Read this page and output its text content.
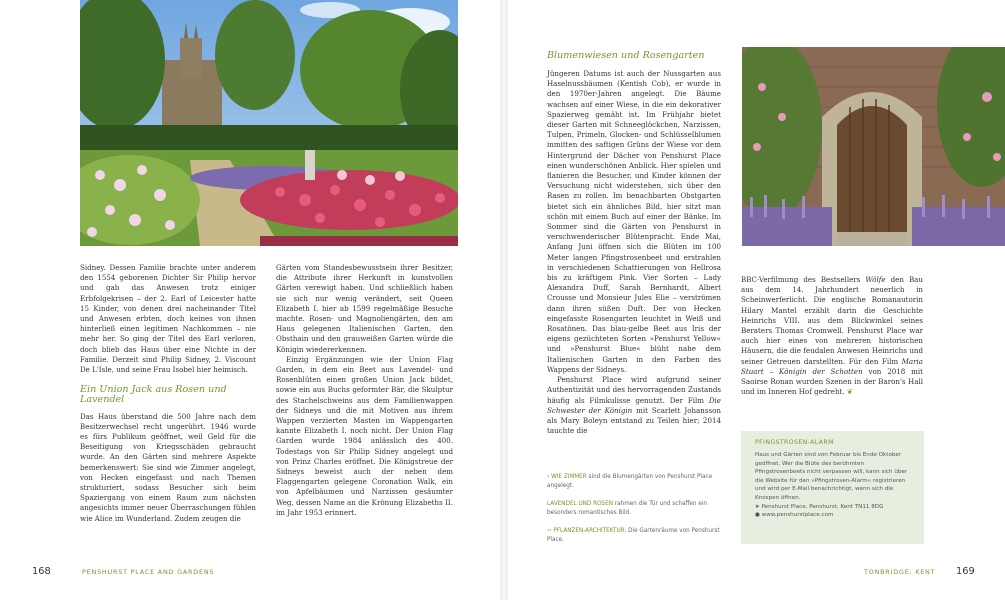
Sidney. Dessen Familie brachte unter anderem den 1554 geborenen Dichter Sir Philip hervor und gab das Anwesen trotz einiger Erbfolgekrisen – der 2. Earl of Leicester hatte 15 Kinder, von denen drei nacheinander Titel und Anwesen erbten, doch keines von ihnen hinterließ einen legitimen Nachkommen – nie mehr her. So ging der Titel des Earl verloren, doch blieb das Haus über eine Nichte in der Familie. Derzeit sind Philip Sidney, 2. Viscount De L'Isle, und seine Frau Isobel hier heimisch.

Ein Union Jack aus Rosen und Lavendel

Das Haus überstand die 500 Jahre nach dem Besitzerwechsel recht ungerührt. 1946 wurde es fürs Publikum geöffnet, weil Geld für die Beseitigung von Kriegsschäden gebraucht wurde. An den Gärten sind mehrere Aspekte bemerkenswert: Sie sind wie Zimmer angelegt, von Hecken eingefasst und nach Themen strukturiert, sodass Besucher sich beim Spaziergang von einem Raum zum nächsten angesichts immer neuer Überraschungen fühlen wie Alice im Wunderland. Zudem zeugen die

Gärten vom Standesbewusstsein ihrer Besitzer, die Attribute ihrer Herkunft in kunstvollen Gärten verewigt haben. Und schließlich haben sie sich nur wenig verändert, seit Queen Elizabeth I. hier ab 1599 regelmäßige Besuche machte. Rosen- und Magnoliengärten, den am Haus gelegenen Italienischen Garten, den Obsthain und den grauweißen Garten würde die Königin wiedererkennen.

Einzig Ergänzungen wie der Union Flag Garden, in dem ein Beet aus Lavendel- und Rosenblüten einen großen Union Jack bildet, sowie ein aus Buchs geformter Bär, die Skulptur des Stachelschweins aus dem Familienwappen der Sidneys und die mit Motiven aus ihrem Wappen verzierten Masten im Wappengarten kannte Elizabeth I. noch nicht. Der Union Flag Garden wurde 1984 anlässlich des 400. Todestags von Sir Philip Sidney angelegt und von Prinz Charles eröffnet. Die Königstreue der Sidneys beweist auch der neben dem Flaggengarten gelegene Coronation Walk, ein von Apfelbäumen und Narzissen gesäumter Weg, dessen Name an die Krönung Elizabeths II. im Jahr 1953 erinnert.

Blumenwiesen und Rosengarten

Jüngeren Datums ist auch der Nussgarten aus Haselnussbäumen (Kentish Cob), er wurde in den 1970er-Jahren angelegt. Die Bäume wachsen auf einer Wiese, in die ein dekorativer Spazierweg gemäht ist. Im Frühjahr bietet dieser Garten mit Schneeglöckchen, Narzissen, Tulpen, Primeln, Glocken- und Schlüsselblumen inmitten des saftigen Grüns der Wiese vor dem Hintergrund der Dächer von Penshurst Place einen wunderschönen Anblick. Hier spielen und flanieren die Besucher, und Kinder können der Versuchung nicht widerstehen, sich über den Rasen zu rollen. Im benachbarten Obstgarten bietet sich ein ähnliches Bild, hier sitzt man schön mit einem Buch auf einer der Bänke. Im Sommer sind die Gärten von Penshurst in verschwenderischer Blütenpracht. Ende Mai, Anfang Juni öffnen sich die Blüten im 100 Meter langen Pfingstrosenbeet und erstrahlen in verschiedenen Schattierungen von Hellrosa bis zu kräftigem Pink. Vier Sorten – Lady Alexandra Duff, Sarah Bernhardt, Albert Crousse und Monsieur Jules Elie – verströmen dann ihren süßen Duft. Der von Hecken eingefasste Rosengarten leuchtet in Weiß und Rosatönen. Das blau-gelbe Beet aus Iris der eigens gezüchteten Sorten »Penshurst Yellow« und »Penshurst Blue« blüht nahe dem Italienischen Garten in den Farben des Wappens der Sidneys.

Penshurst Place wird aufgrund seiner Authentizität und des hervorragenden Zustands häufig als Filmkulisse genutzt. Der Film Die Schwester der Königin mit Scarlett Johansson als Mary Boleyn entstand zu Teilen hier; 2014 tauchte die

‹ WIE ZIMMER sind die Blumengärten von Penshurst Place angelegt.
LAVENDEL UND ROSEN rahmen die Tür und schaffen ein besonders romantisches Bild.
›› PFLANZEN-ARCHITEKTUR: Die Gartenräume von Penshurst Place.

BBC-Verfilmung des Bestsellers Wölfe den Bau aus dem 14. Jahrhundert neuerlich in Scheinwerferlicht. Die englische Romanautorin Hilary Mantel erzählt darin die Geschichte Heinrichs VIII. aus dem Blickwinkel seines Beraters Thomas Cromwell. Penshurst Place war auch hier eines von mehreren historischen Häusern, die die feudalen Anwesen Heinrichs und seiner Getreuen darstellten. Für den Film Maria Stuart – Königin der Schotten von 2018 mit Saoirse Ronan wurden Szenen in der Baron's Hall und im Inneren Hof gedreht. ❦

PFINGSTROSEN-ALARM
Haus und Gärten sind von Februar bis Ende Oktober geöffnet. Wer die Blüte des berühmten Pfingstrosenbeets nicht verpassen will, kann sich über die Website für den »Pfingstrosen-Alarm« registrieren und wird per E-Mail benachrichtigt, wenn sich die Knospen öffnen.
➤ Penshurst Place, Penshurst, Kent TN11 8DG
● www.penshurstplace.com
168	PENSHURST PLACE AND GARDENS	TONBRIDGE, KENT 169
